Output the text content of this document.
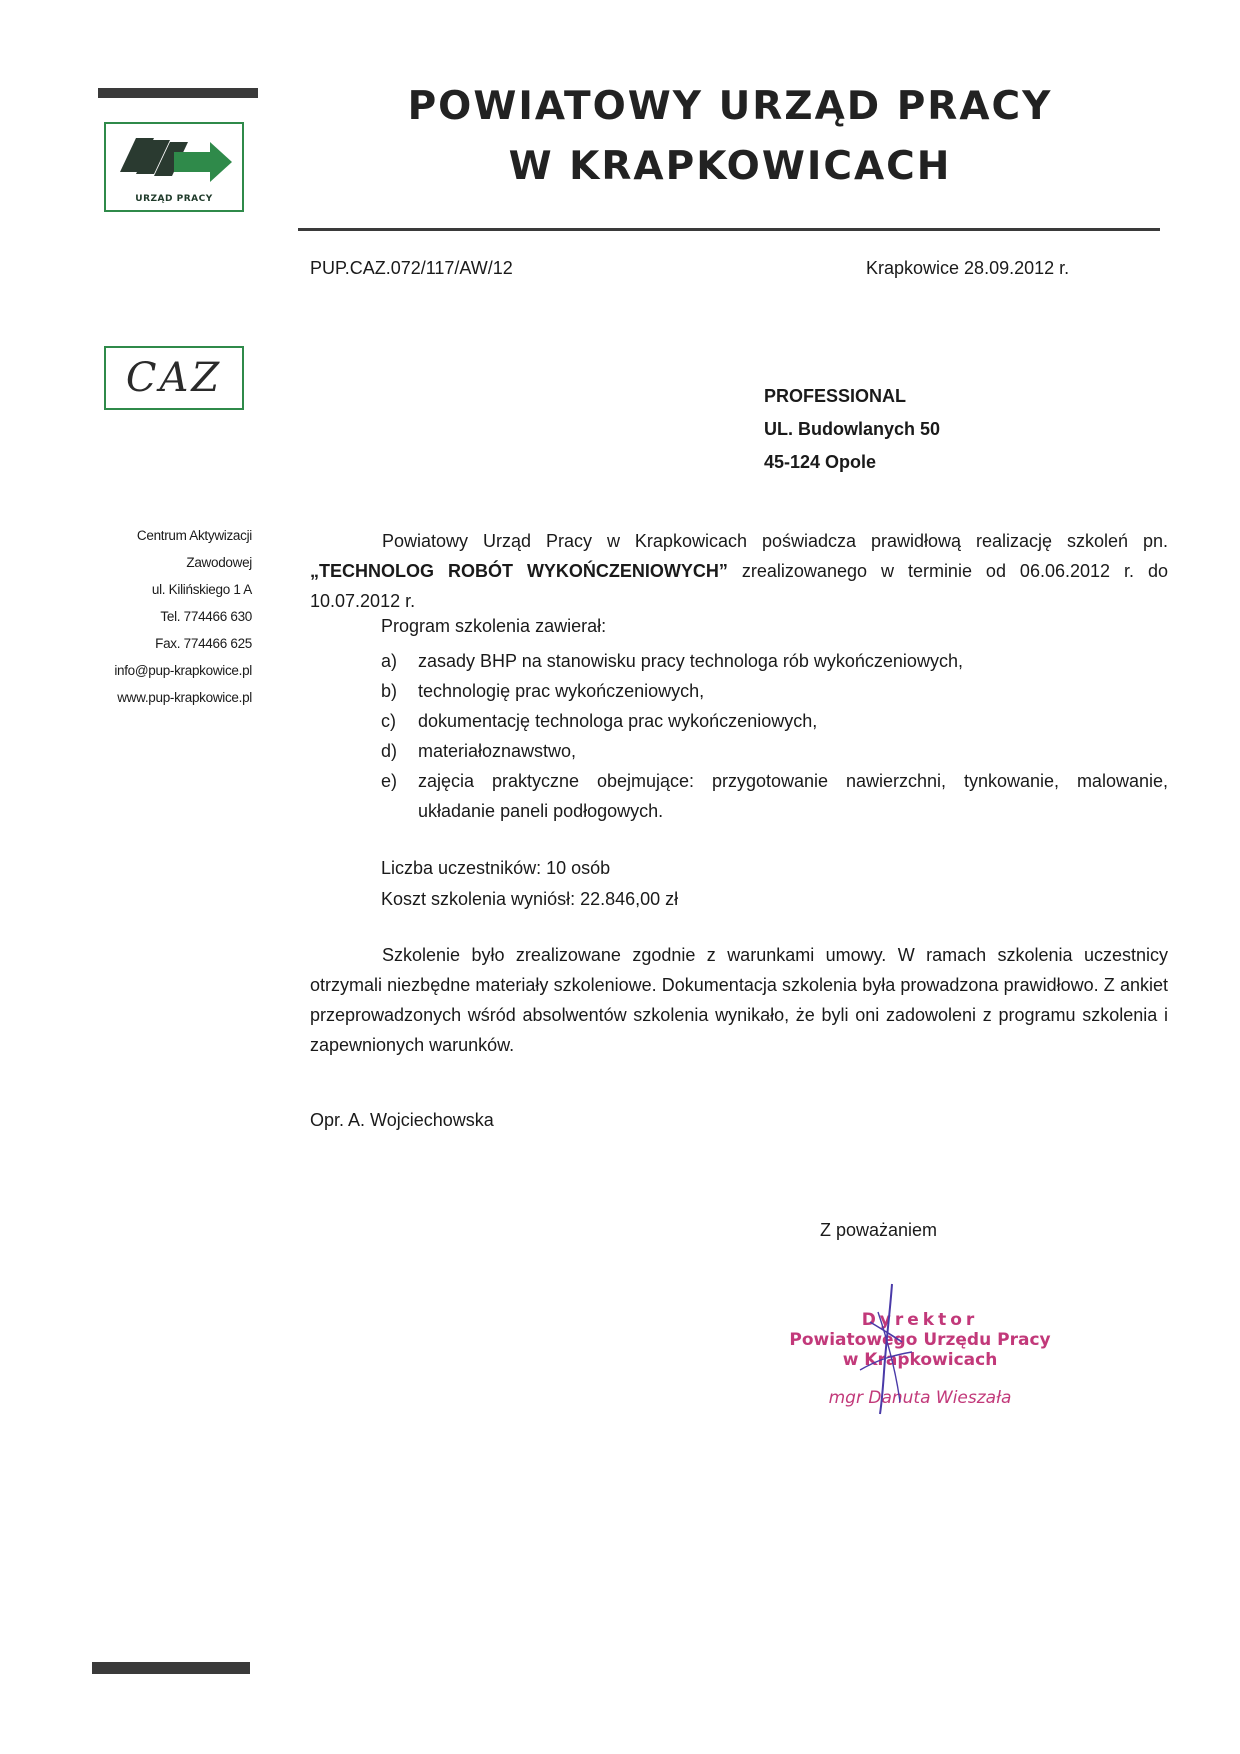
URZĄD PRACY
POWIATOWY URZĄD PRACY
W KRAPKOWICACH
PUP.CAZ.072/117/AW/12	Krapkowice 28.09.2012 r.
CAZ	PROFESSIONAL
UL. Budowlanych 50
45-124 Opole
Centrum Aktywizacji
Zawodowej
ul. Kilińskiego 1 A
Tel. 774466 630
Fax. 774466 625
info@pup-krapkowice.pl
www.pup-krapkowice.pl
Powiatowy Urząd Pracy w Krapkowicach poświadcza prawidłową realizację szkoleń pn. „TECHNOLOG ROBÓT WYKOŃCZENIOWYCH” zrealizowanego w terminie od 06.06.2012 r. do 10.07.2012 r.
Program szkolenia zawierał:
a)	zasady BHP na stanowisku pracy technologa rób wykończeniowych,
b)	technologię prac wykończeniowych,
c)	dokumentację technologa prac wykończeniowych,
d)	materiałoznawstwo,
e)	zajęcia praktyczne obejmujące: przygotowanie nawierzchni, tynkowanie, malowanie, układanie paneli podłogowych.
Liczba uczestników: 10 osób
Koszt szkolenia wyniósł: 22.846,00 zł
Szkolenie było zrealizowane zgodnie z warunkami umowy. W ramach szkolenia uczestnicy otrzymali niezbędne materiały szkoleniowe. Dokumentacja szkolenia była prowadzona prawidłowo. Z ankiet przeprowadzonych wśród absolwentów szkolenia wynikało, że byli oni zadowoleni z programu szkolenia i zapewnionych warunków.
Opr. A. Wojciechowska
Z poważaniem
Dyrektor
Powiatowego Urzędu Pracy
w Krapkowicach
mgr Danuta Wieszała
